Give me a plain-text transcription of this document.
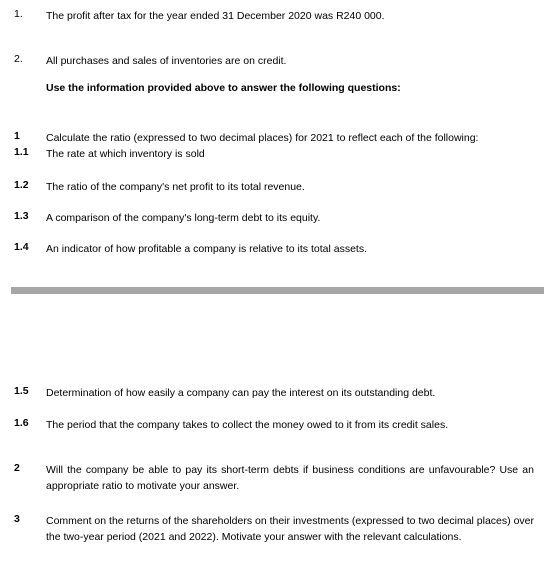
1.	The profit after tax for the year ended 31 December 2020 was R240 000.
2.	All purchases and sales of inventories are on credit.
Use the information provided above to answer the following questions:
1	Calculate the ratio (expressed to two decimal places) for 2021 to reflect each of the following:
1.1	The rate at which inventory is sold
1.2	The ratio of the company's net profit to its total revenue.
1.3	A comparison of the company's long-term debt to its equity.
1.4	An indicator of how profitable a company is relative to its total assets.
1.5	Determination of how easily a company can pay the interest on its outstanding debt.
1.6	The period that the company takes to collect the money owed to it from its credit sales.
2	Will the company be able to pay its short-term debts if business conditions are unfavourable? Use an appropriate ratio to motivate your answer.
3	Comment on the returns of the shareholders on their investments (expressed to two decimal places) over the two-year period (2021 and 2022). Motivate your answer with the relevant calculations.
